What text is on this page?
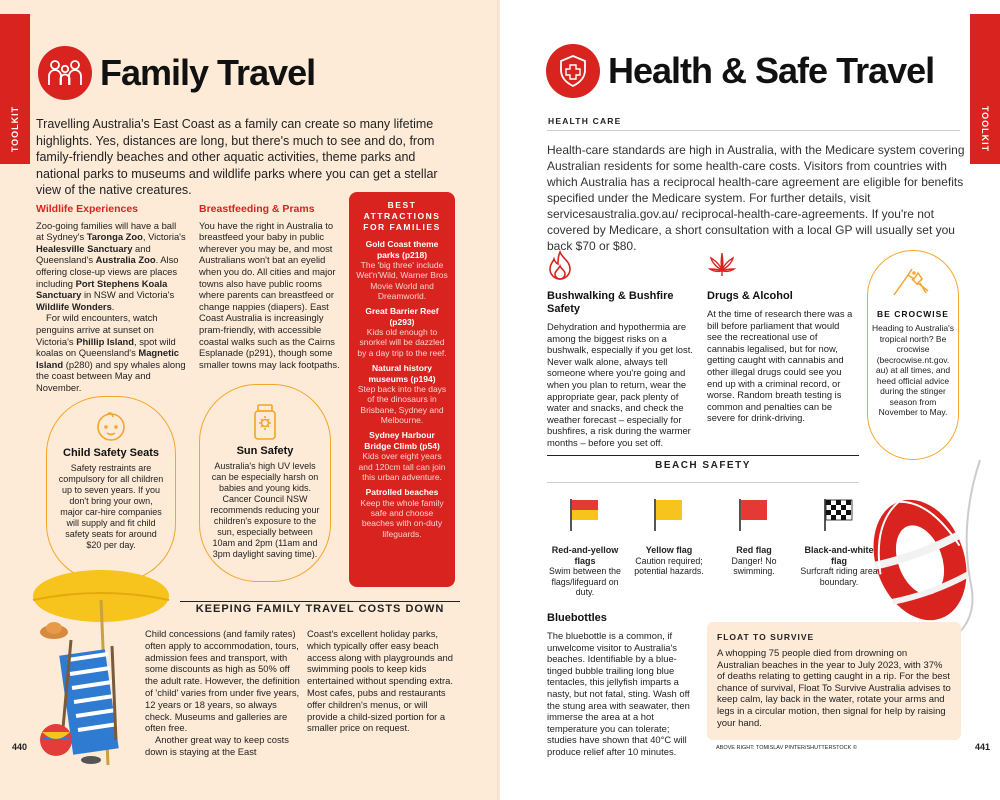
TOOLKIT
Family Travel

Travelling Australia's East Coast as a family can create so many lifetime highlights. Yes, distances are long, but there's much to see and do, from family-friendly beaches and other aquatic activities, theme parks and national parks to museums and wildlife parks where you can get a stellar view of the native creatures.

Wildlife Experiences

Zoo-going families will have a ball at Sydney's Taronga Zoo, Victoria's Healesville Sanctuary and Queensland's Australia Zoo. Also offering close-up views are places including Port Stephens Koala Sanctuary in NSW and Victoria's Wildlife Wonders.

For wild encounters, watch penguins arrive at sunset on Victoria's Phillip Island, spot wild koalas on Queensland's Magnetic Island (p280) and spy whales along the coast between May and November.

Breastfeeding & Prams

You have the right in Australia to breastfeed your baby in public wherever you may be, and most Australians won't bat an eyelid when you do. All cities and major towns also have public rooms where parents can breastfeed or change nappies (diapers). East Coast Australia is increasingly pram-friendly, with accessible coastal walks such as the Cairns Esplanade (p291), though some smaller towns may lack footpaths.

BEST ATTRACTIONS FOR FAMILIES
Gold Coast theme parks (p218)
The 'big three' include Wet'n'Wild, Warner Bros Movie World and Dreamworld.
Great Barrier Reef (p293)
Kids old enough to snorkel will be dazzled by a day trip to the reef.
Natural history museums (p194)
Step back into the days of the dinosaurs in Brisbane, Sydney and Melbourne.
Sydney Harbour Bridge Climb (p54)
Kids over eight years and 120cm tall can join this urban adventure.
Patrolled beaches
Keep the whole family safe and choose beaches with on-duty lifeguards.
Child Safety Seats

Safety restraints are compulsory for all children up to seven years. If you don't bring your own, major car-hire companies will supply and fit child safety seats for around $20 per day.

Sun Safety

Australia's high UV levels can be especially harsh on babies and young kids. Cancer Council NSW recommends reducing your children's exposure to the sun, especially between 10am and 2pm (11am and 3pm daylight saving time).

KEEPING FAMILY TRAVEL COSTS DOWN

Child concessions (and family rates) often apply to accommodation, tours, admission fees and transport, with some discounts as high as 50% off the adult rate. However, the definition of 'child' varies from under five years, 12 years or 18 years, so always check. Museums and galleries are often free.

Another great way to keep costs down is staying at the East

Coast's excellent holiday parks, which typically offer easy beach access along with playgrounds and swimming pools to keep kids entertained without spending extra. Most cafes, pubs and restaurants offer children's menus, or will provide a child-sized portion for a smaller price on request.

440
TOOLKIT
Health & Safe Travel
HEALTH CARE

Health-care standards are high in Australia, with the Medicare system covering Australian residents for some health-care costs. Visitors from countries with which Australia has a reciprocal health-care agreement are eligible for benefits specified under the Medicare system. For further details, visit servicesaustralia.gov.au/ reciprocal-health-care-agreements. If you're not covered by Medicare, a short consultation with a local GP will usually set you back $70 or $80.

Bushwalking & Bushfire Safety

Dehydration and hypothermia are among the biggest risks on a bushwalk, especially if you get lost. Never walk alone, always tell someone where you're going and when you plan to return, wear the appropriate gear, pack plenty of water and snacks, and check the weather forecast – especially for bushfires, a risk during the warmer months – before you set off.

Drugs & Alcohol

At the time of research there was a bill before parliament that would see the recreational use of cannabis legalised, but for now, getting caught with cannabis and other illegal drugs could see you end up with a criminal record, or worse. Random breath testing is common and penalties can be severe for drink-driving.

BE CROCWISE

Heading to Australia's tropical north? Be crocwise (becrocwise.nt.gov. au) at all times, and heed official advice during the stinger season from November to May.

BEACH SAFETY
Red-and-yellow flags
Swim between the flags/lifeguard on duty.
Yellow flag
Caution required; potential hazards.
Red flag
Danger! No swimming.
Black-and-white flag
Surfcraft riding area boundary.
Bluebottles

The bluebottle is a common, if unwelcome visitor to Australia's beaches. Identifiable by a blue-tinged bubble trailing long blue tentacles, this jellyfish imparts a nasty, but not fatal, sting. Wash off the stung area with seawater, then immerse the area at a hot temperature you can tolerate; studies have shown that 40°C will produce relief after 10 minutes.

FLOAT TO SURVIVE

A whopping 75 people died from drowning on Australian beaches in the year to July 2023, with 37% of deaths relating to getting caught in a rip. For the best chance of survival, Float To Survive Australia advises to keep calm, lay back in the water, rotate your arms and legs in a circular motion, then signal for help by raising your hand.

ABOVE RIGHT: TOMISLAV PINTER/SHUTTERSTOCK ©	441
